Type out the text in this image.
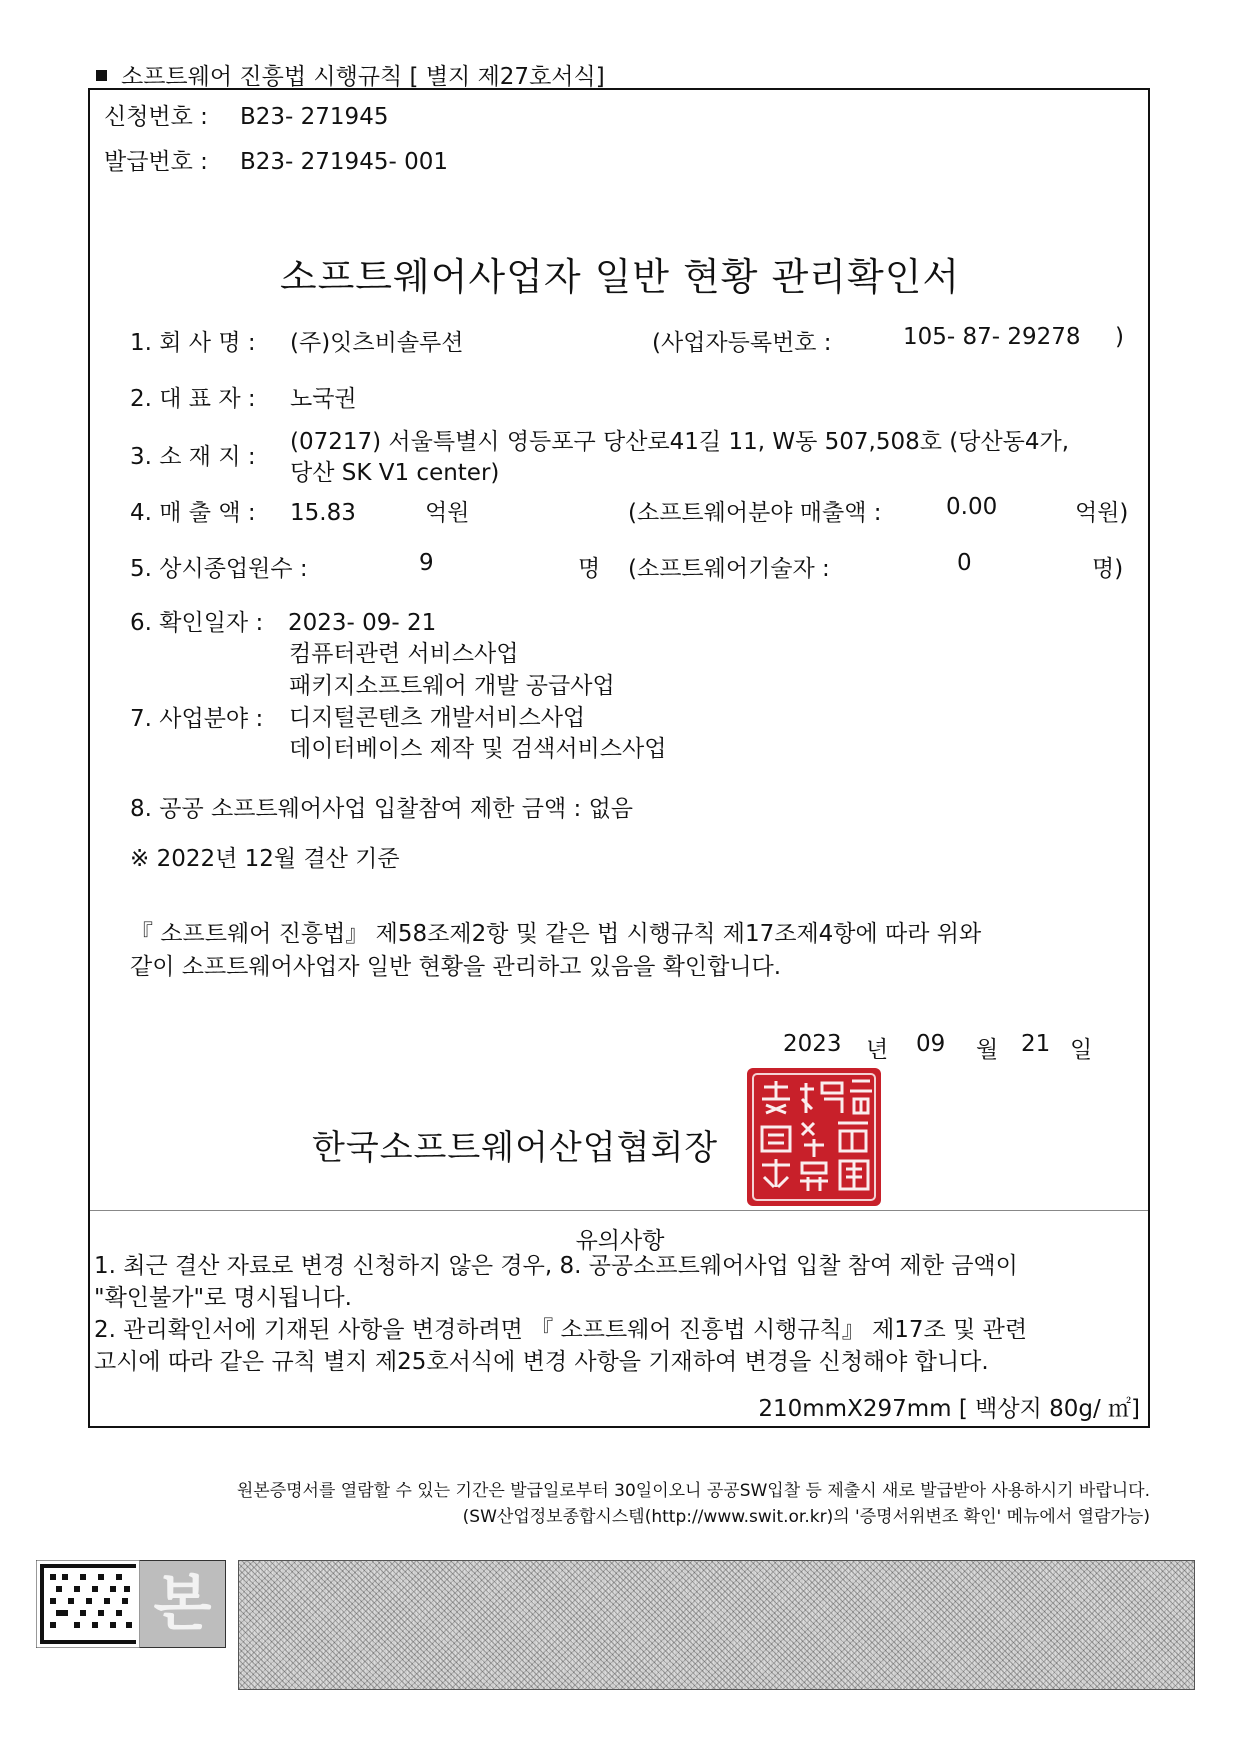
소프트웨어 진흥법 시행규칙 [ 별지 제27호서식]
신청번호 : B23- 271945
발급번호 : B23- 271945- 001
소프트웨어사업자 일반 현황 관리확인서
1. 회 사 명 : (주)잇츠비솔루션	(사업자등록번호 :	105- 87- 29278 )
2. 대 표 자 : 노국권
3. 소 재 지 :
(07217) 서울특별시 영등포구 당산로41길 11, W동 507,508호 (당산동4가,
당산 SK V1 center)
4. 매 출 액 : 15.83	억원	(소프트웨어분야 매출액 :	0.00	억원)
5. 상시종업원수 :	9	명 (소프트웨어기술자 :	0	명)
6. 확인일자 : 2023- 09- 21
7. 사업분야 :
컴퓨터관련 서비스사업
패키지소프트웨어 개발 공급사업
디지털콘텐츠 개발서비스사업
데이터베이스 제작 및 검색서비스사업
8. 공공 소프트웨어사업 입찰참여 제한 금액 : 없음
※ 2022년 12월 결산 기준
『 소프트웨어 진흥법』 제58조제2항 및 같은 법 시행규칙 제17조제4항에 따라 위와
같이 소프트웨어사업자 일반 현황을 관리하고 있음을 확인합니다.
2023 년 09 월 21 일
한국소프트웨어산업협회장
유의사항
1. 최근 결산 자료로 변경 신청하지 않은 경우, 8. 공공소프트웨어사업 입찰 참여 제한 금액이
"확인불가"로 명시됩니다.
2. 관리확인서에 기재된 사항을 변경하려면 『 소프트웨어 진흥법 시행규칙』 제17조 및 관련
고시에 따라 같은 규칙 별지 제25호서식에 변경 사항을 기재하여 변경을 신청해야 합니다.
210mmX297mm [ 백상지 80g/ ㎡]
원본증명서를 열람할 수 있는 기간은 발급일로부터 30일이오니 공공SW입찰 등 제출시 새로 발급받아 사용하시기 바랍니다.
(SW산업정보종합시스템(http://www.swit.or.kr)의 '증명서위변조 확인' 메뉴에서 열람가능)
본
